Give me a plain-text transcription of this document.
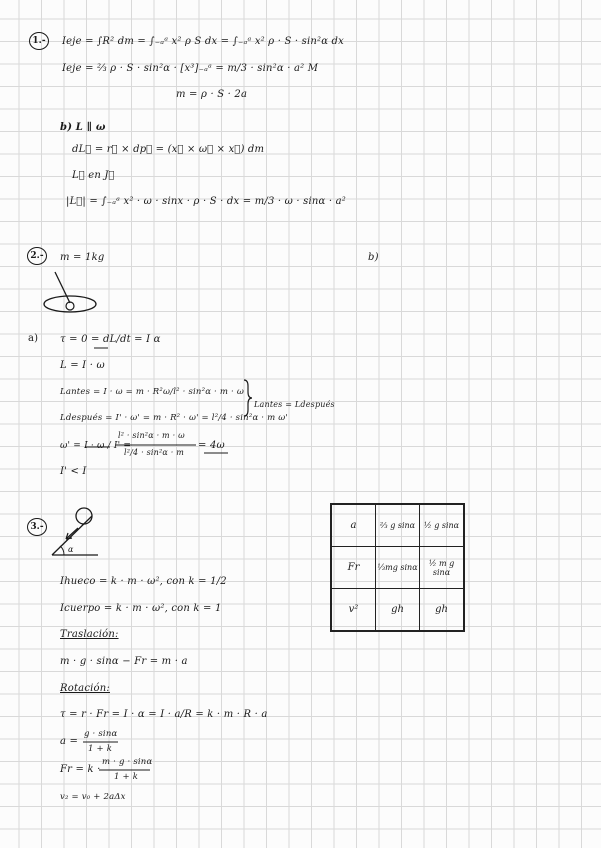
1.-	Ieje = ∫R² dm = ∫₋ₐᵃ x² ρ S dx = ∫₋ₐᵃ x² ρ · S · sin²α dx
Ieje = ⅔ ρ · S · sin²α · [x³]₋ₐᵃ = m/3 · sin²α · a² M
m = ρ · S · 2a
b) L ∥ ω
dL⃗ = r⃗ × dp⃗ = (x⃗ × ω⃗ × x⃗) dm
L⃗ en J⃗
|L⃗| = ∫₋ₐᵃ x² · ω · sinx · ρ · S · dx = m/3 · ω · sinα · a²
2.-	m = 1kg	b)
a) τ = 0 = dL/dt = I α
L = I · ω
Lantes = I · ω = m · R²ω/l² · sin²α · m · ω
Ldespués = I' · ω' = m · R² · ω' = l²/4 · sin²α · m ω'
Lantes = Ldespués
ω' = I · ω / I' =
l² · sin²α · m · ω
l²/4 · sin²α · m
= 4ω
I' < I
3.-
α
Ihueco = k · m · ω², con k = 1/2
Icuerpo = k · m · ω², con k = 1
Traslación:
m · g · sinα − Fr = m · a
Rotación:
τ = r · Fr = I · α = I · a/R = k · m · R · a
a =
g · sinα
1 + k
Fr = k ·
m · g · sinα
1 + k
v₂ = v₀ + 2aΔx
a	⅔ g sinα	½ g sinα
Fr	⅓mg sinα	½ m g sinα
v²	gh	gh
